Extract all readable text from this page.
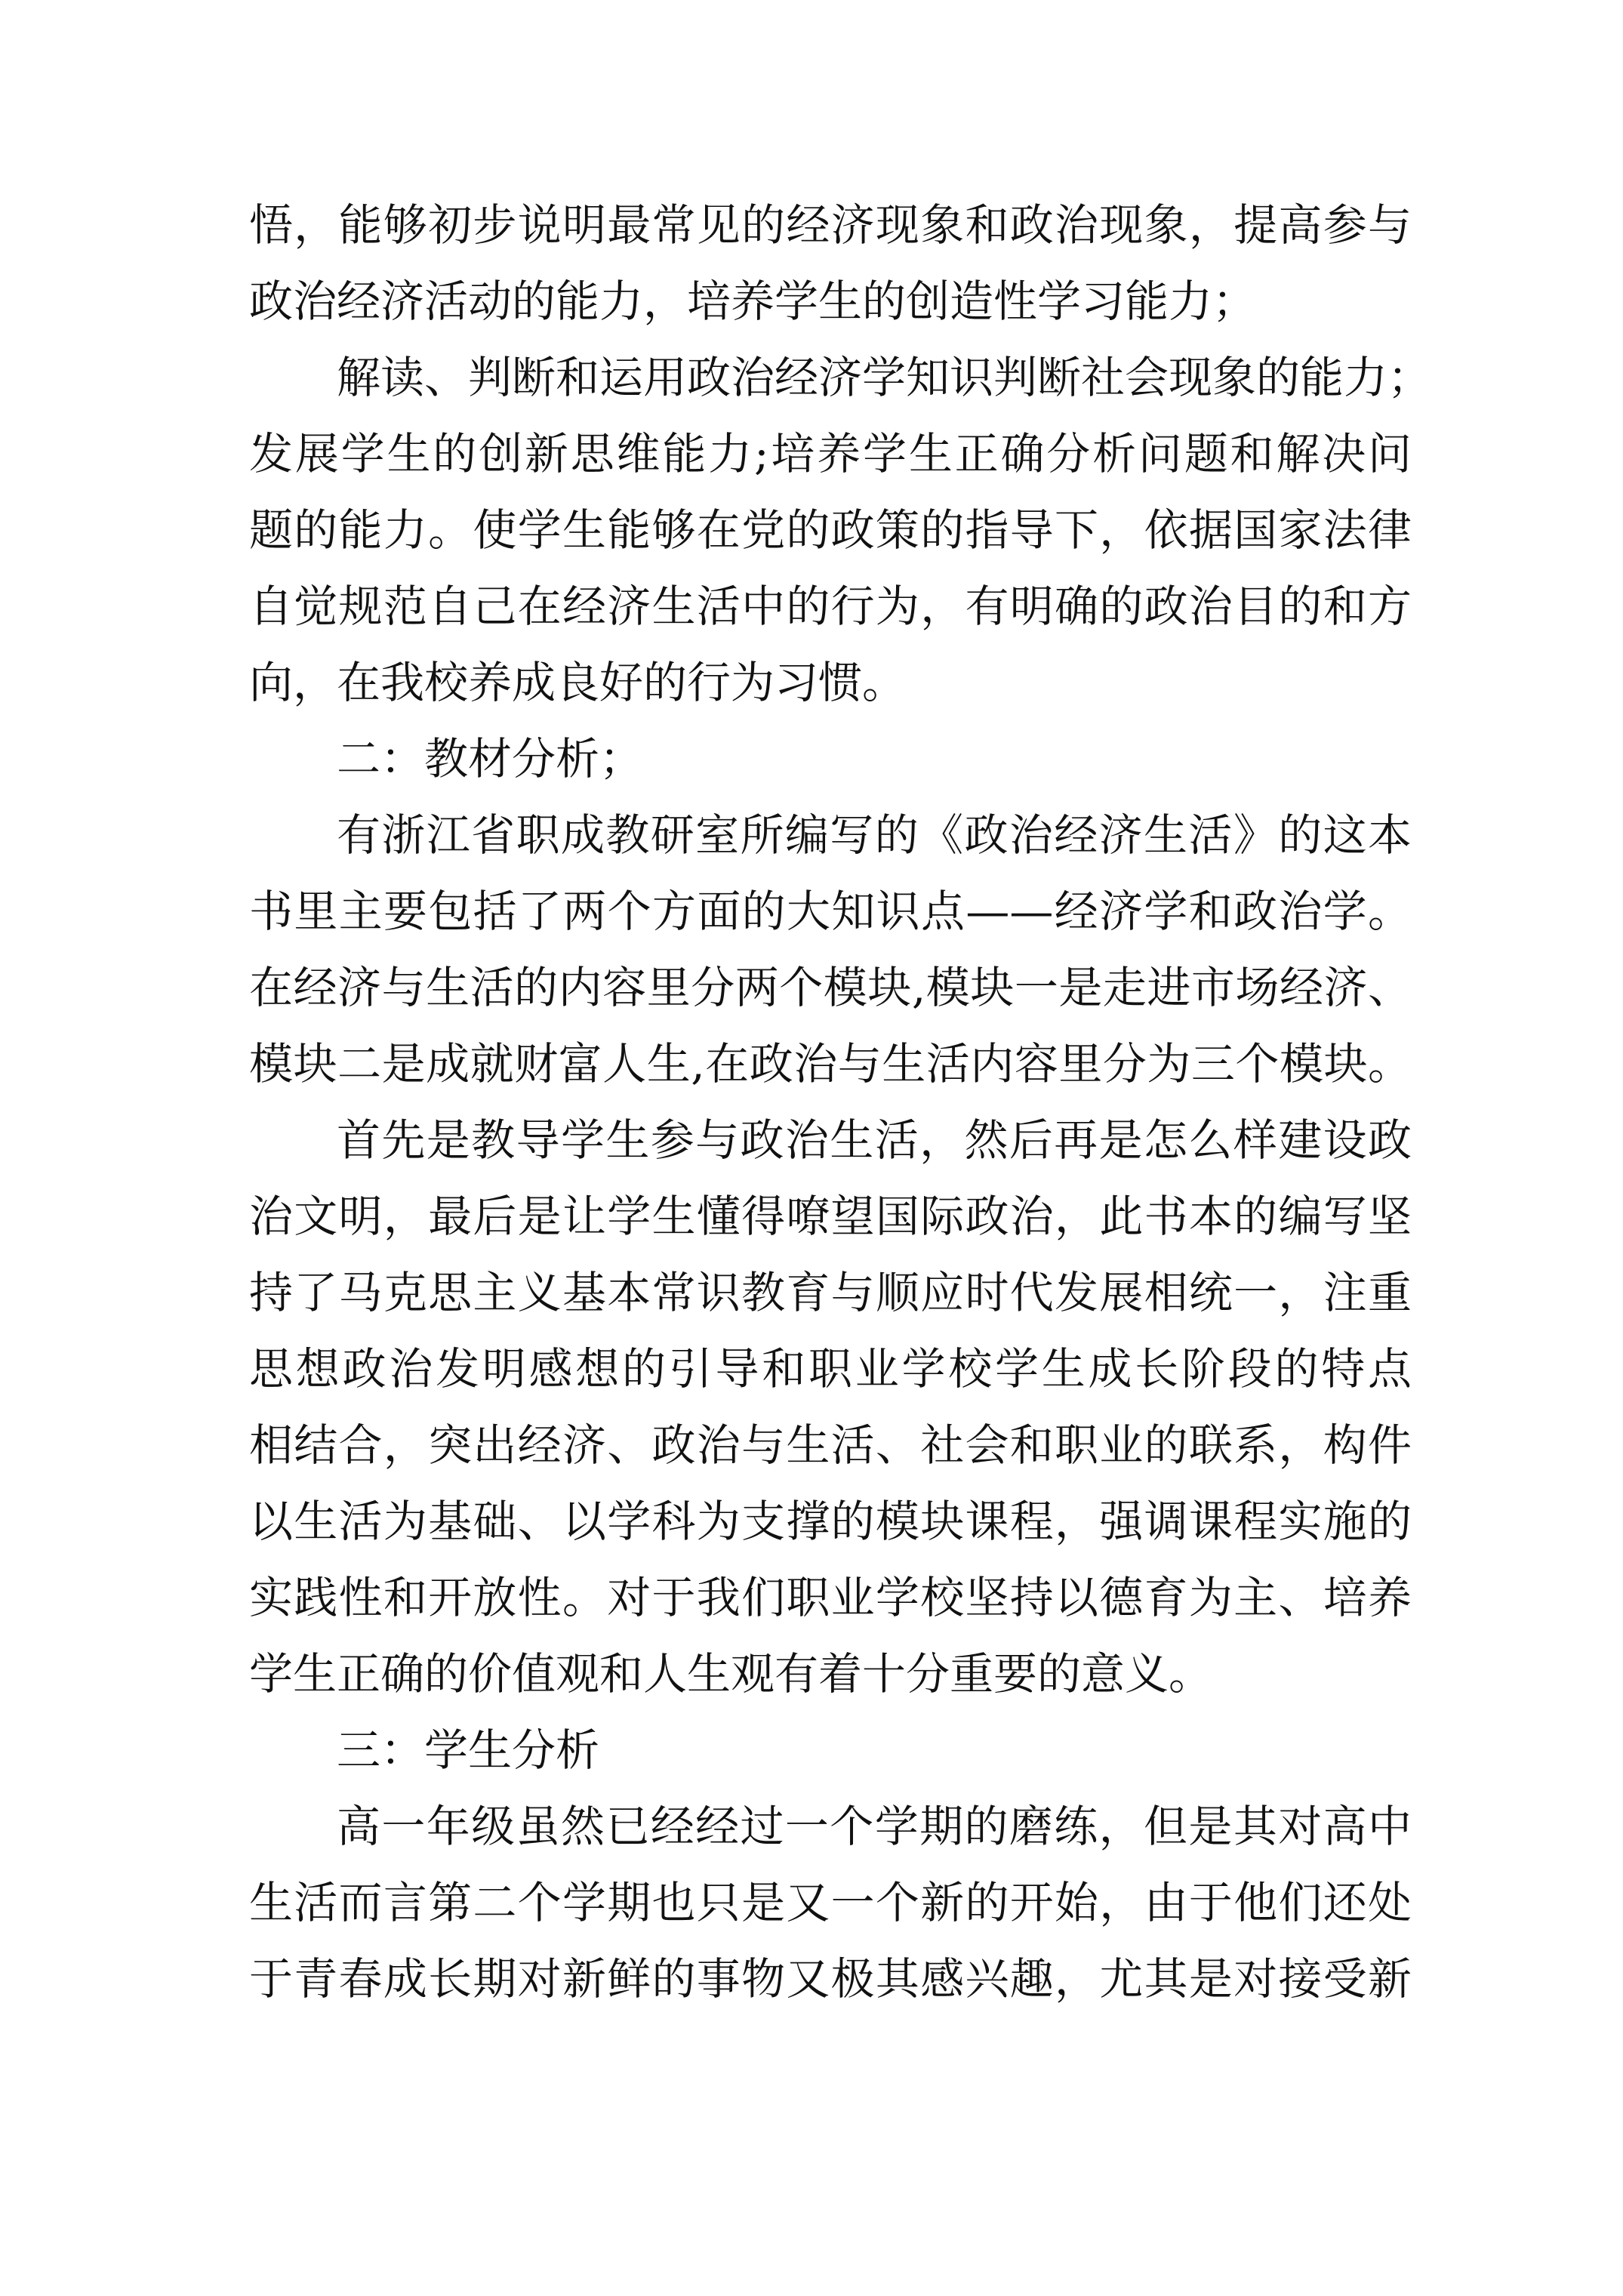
悟，能够初步说明最常见的经济现象和政治现象，提高参与
政治经济活动的能力，培养学生的创造性学习能力；
解读、判断和运用政治经济学知识判断社会现象的能力；
发展学生的创新思维能力;培养学生正确分析问题和解决问
题的能力。使学生能够在党的政策的指导下，依据国家法律
自觉规范自己在经济生活中的行为，有明确的政治目的和方
向，在我校养成良好的行为习惯。
二：教材分析；
有浙江省职成教研室所编写的《政治经济生活》的这本
书里主要包括了两个方面的大知识点——经济学和政治学。
在经济与生活的内容里分两个模块,模块一是走进市场经济、
模块二是成就财富人生,在政治与生活内容里分为三个模块。
首先是教导学生参与政治生活，然后再是怎么样建设政
治文明，最后是让学生懂得嘹望国际政治，此书本的编写坚
持了马克思主义基本常识教育与顺应时代发展相统一，注重
思想政治发明感想的引导和职业学校学生成长阶段的特点
相结合，突出经济、政治与生活、社会和职业的联系，构件
以生活为基础、以学科为支撑的模块课程，强调课程实施的
实践性和开放性。对于我们职业学校坚持以德育为主、培养
学生正确的价值观和人生观有着十分重要的意义。
三：学生分析
高一年级虽然已经经过一个学期的磨练，但是其对高中
生活而言第二个学期也只是又一个新的开始，由于他们还处
于青春成长期对新鲜的事物又极其感兴趣，尤其是对接受新
